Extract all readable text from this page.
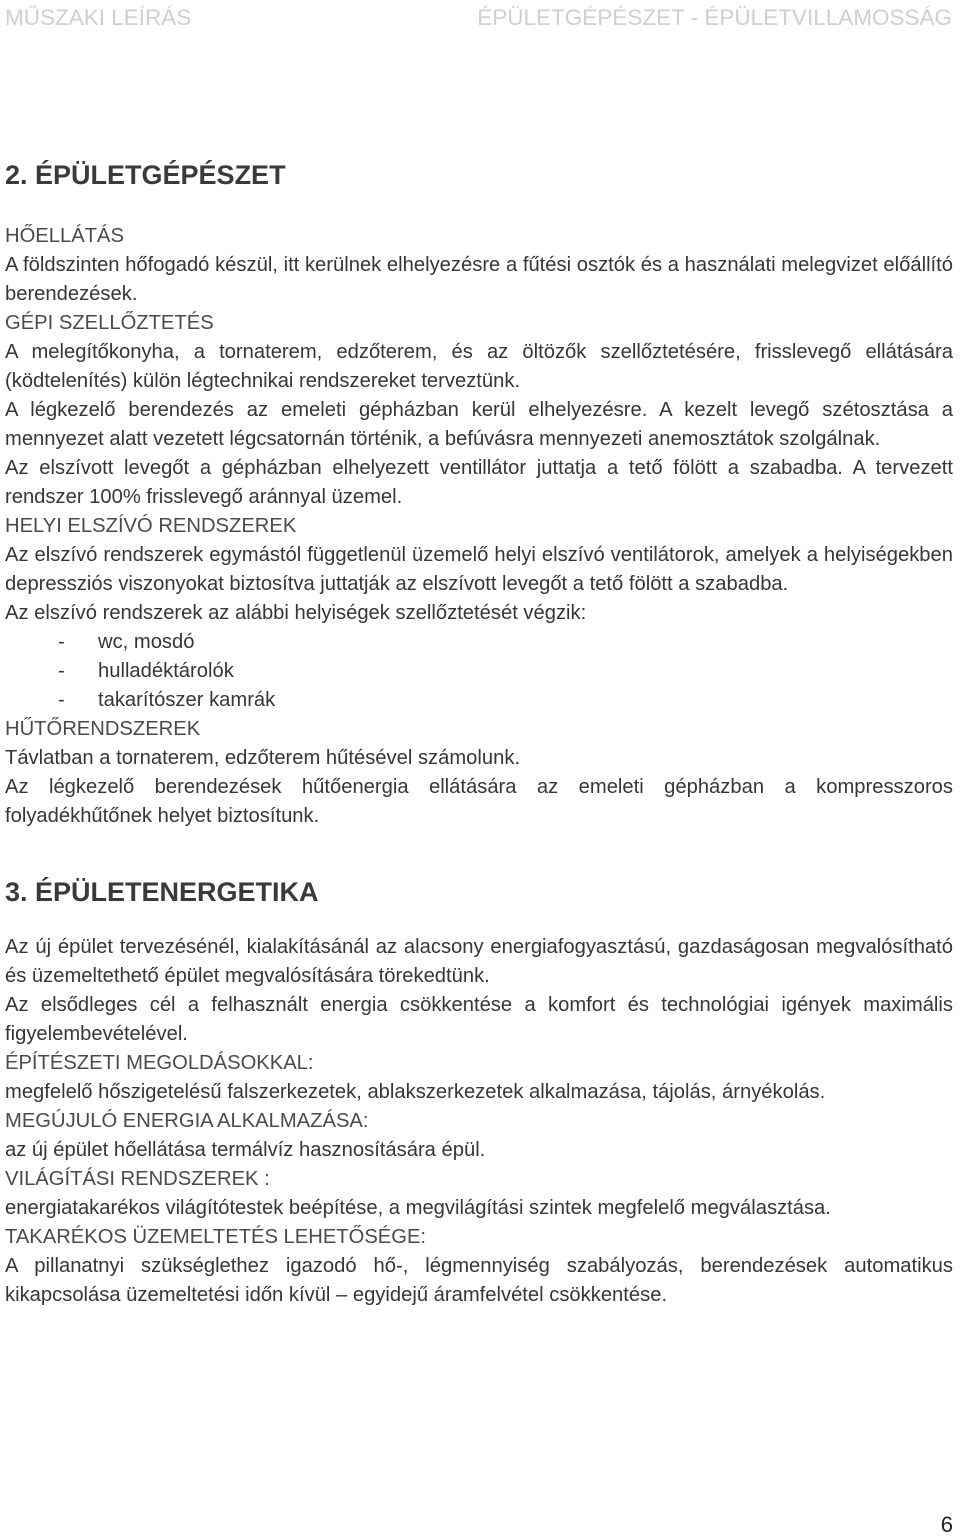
MŰSZAKI LEÍRÁS	ÉPÜLETGÉPÉSZET - ÉPÜLETVILLAMOSSÁG

2. ÉPÜLETGÉPÉSZET

HŐELLÁTÁS

A földszinten hőfogadó készül, itt kerülnek elhelyezésre a fűtési osztók és a használati melegvizet előállító berendezések.

GÉPI SZELLŐZTETÉS

A melegítőkonyha, a tornaterem, edzőterem, és az öltözők szellőztetésére, frisslevegő ellátására (ködtelenítés) külön légtechnikai rendszereket terveztünk.

A légkezelő berendezés az emeleti gépházban kerül elhelyezésre. A kezelt levegő szétosztása a mennyezet alatt vezetett légcsatornán történik, a befúvásra mennyezeti anemosztátok szolgálnak.

Az elszívott levegőt a gépházban elhelyezett ventillátor juttatja a tető fölött a szabadba. A tervezett rendszer 100% frisslevegő aránnyal üzemel.

HELYI ELSZÍVÓ RENDSZEREK

Az elszívó rendszerek egymástól függetlenül üzemelő helyi elszívó ventilátorok, amelyek a helyiségekben depressziós viszonyokat biztosítva juttatják az elszívott levegőt a tető fölött a szabadba.

Az elszívó rendszerek az alábbi helyiségek szellőztetését végzik:

- wc, mosdó

- hulladéktárolók

- takarítószer kamrák

HŰTŐRENDSZEREK

Távlatban a tornaterem, edzőterem hűtésével számolunk.

Az légkezelő berendezések hűtőenergia ellátására az emeleti gépházban a kompresszoros folyadékhűtőnek helyet biztosítunk.

3. ÉPÜLETENERGETIKA

Az új épület tervezésénél, kialakításánál az alacsony energiafogyasztású, gazdaságosan megvalósítható és üzemeltethető épület megvalósítására törekedtünk.

Az elsődleges cél a felhasznált energia csökkentése a komfort és technológiai igények maximális figyelembevételével.

ÉPÍTÉSZETI MEGOLDÁSOKKAL:

megfelelő hőszigetelésű falszerkezetek, ablakszerkezetek alkalmazása, tájolás, árnyékolás.

MEGÚJULÓ ENERGIA ALKALMAZÁSA:

az új épület hőellátása termálvíz hasznosítására épül.

VILÁGÍTÁSI RENDSZEREK :

energiatakarékos világítótestek beépítése, a megvilágítási szintek megfelelő megválasztása.

TAKARÉKOS ÜZEMELTETÉS LEHETŐSÉGE:

A pillanatnyi szükséglethez igazodó hő-, légmennyiség szabályozás, berendezések automatikus kikapcsolása üzemeltetési időn kívül – egyidejű áramfelvétel csökkentése.

6
